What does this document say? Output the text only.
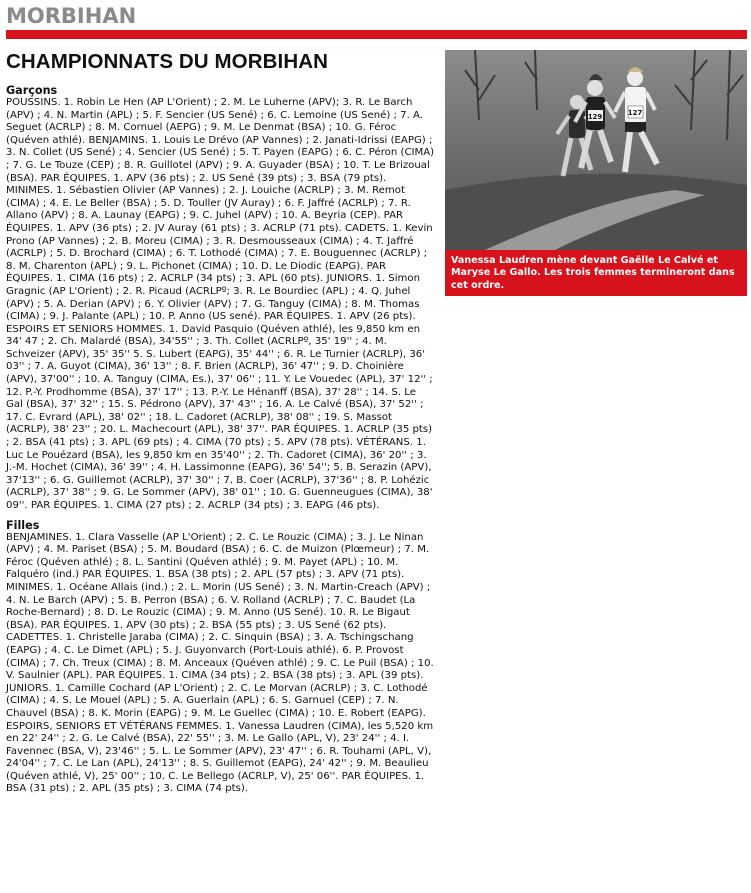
MORBIHAN
CHAMPIONNATS DU MORBIHAN

Garçons

POUSSINS. 1. Robin Le Hen (AP L'Orient) ; 2. M. Le Luherne (APV); 3. R. Le Barch (APV) ; 4. N. Martin (APL) ; 5. F. Sencier (US Sené) ; 6. C. Lemoine (US Sené) ; 7. A. Seguet (ACRLP) ; 8. M. Cornuel (AEPG) ; 9. M. Le Denmat (BSA) ; 10. G. Féroc (Quéven athlé). BENJAMINS. 1. Louis Le Drévo (AP Vannes) ; 2. Janati-Idrissi (EAPG) ; 3. N. Collet (US Sené) ; 4. Sencier (US Sené) ; 5. T. Payen (EAPG) ; 6. C. Péron (CIMA) ; 7. G. Le Touze (CEP) ; 8. R. Guillotel (APV) ; 9. A. Guyader (BSA) ; 10. T. Le Brizoual (BSA). PAR ÉQUIPES. 1. APV (36 pts) ; 2. US Sené (39 pts) ; 3. BSA (79 pts). MINIMES. 1. Sébastien Olivier (AP Vannes) ; 2. J. Louiche (ACRLP) ; 3. M. Remot (CIMA) ; 4. E. Le Beller (BSA) ; 5. D. Touller (JV Auray) ; 6. F. Jaffré (ACRLP) ; 7. R. Allano (APV) ; 8. A. Launay (EAPG) ; 9. C. Juhel (APV) ; 10. A. Beyria (CEP). PAR ÉQUIPES. 1. APV (36 pts) ; 2. JV Auray (61 pts) ; 3. ACRLP (71 pts). CADETS. 1. Kevin Prono (AP Vannes) ; 2. B. Moreu (CIMA) ; 3. R. Desmousseaux (CIMA) ; 4. T. Jaffré (ACRLP) ; 5. D. Brochard (CIMA) ; 6. T. Lothodé (CIMA) ; 7. E. Bouguennec (ACRLP) ; 8. M. Charenton (APL) ; 9. L. Pichonet (CIMA) ; 10. D. Le Diodic (EAPG). PAR ÉQUIPES. 1. CIMA (16 pts) ; 2. ACRLP (34 pts) ; 3. APL (60 pts). JUNIORS. 1. Simon Gragnic (AP L'Orient) ; 2. R. Picaud (ACRLPº; 3. R. Le Bourdiec (APL) ; 4. Q. Juhel (APV) ; 5. A. Derian (APV) ; 6. Y. Olivier (APV) ; 7. G. Tanguy (CIMA) ; 8. M. Thomas (CIMA) ; 9. J. Palante (APL) ; 10. P. Anno (US sené). PAR ÉQUIPES. 1. APV (26 pts). ESPOIRS ET SENIORS HOMMES. 1. David Pasquio (Quéven athlé), les 9,850 km en 34' 47 ; 2. Ch. Malardé (BSA), 34'55'' ; 3. Th. Collet (ACRLPº, 35' 19'' ; 4. M. Schveizer (APV), 35' 35'' 5. S. Lubert (EAPG), 35' 44'' ; 6. R. Le Turnier (ACRLP), 36' 03'' ; 7. A. Guyot (CIMA), 36' 13'' ; 8. F. Brien (ACRLP), 36' 47'' ; 9. D. Choinière (APV), 37'00'' ; 10. A. Tanguy (CIMA, Es.), 37' 06'' ; 11. Y. Le Vouedec (APL), 37' 12'' ; 12. P.-Y. Prodhomme (BSA), 37' 17'' ; 13. P.-Y. Le Hénanff (BSA), 37' 28'' ; 14. S. Le Gal (BSA), 37' 32'' ; 15. S. Pédrono (APV), 37' 43'' ; 16. A. Le Calvé (BSA), 37' 52'' ; 17. C. Evrard (APL), 38' 02'' ; 18. L. Cadoret (ACRLP), 38' 08'' ; 19. S. Massot (ACRLP), 38' 23'' ; 20. L. Machecourt (APL), 38' 37''. PAR ÉQUIPES. 1. ACRLP (35 pts) ; 2. BSA (41 pts) ; 3. APL (69 pts) ; 4. CIMA (70 pts) ; 5. APV (78 pts). VÉTÉRANS. 1. Luc Le Pouézard (BSA), les 9,850 km en 35'40'' ; 2. Th. Cadoret (CIMA), 36' 20'' ; 3. J.-M. Hochet (CIMA), 36' 39'' ; 4. H. Lassimonne (EAPG), 36' 54''; 5. B. Serazin (APV), 37'13'' ; 6. G. Guillemot (ACRLP), 37' 30'' ; 7. B. Coer (ACRLP), 37'36'' ; 8. P. Lohézic (ACRLP), 37' 38'' ; 9. G. Le Sommer (APV), 38' 01'' ; 10. G. Guenneugues (CIMA), 38' 09''. PAR ÉQUIPES. 1. CIMA (27 pts) ; 2. ACRLP (34 pts) ; 3. EAPG (46 pts).

Filles

BENJAMINES. 1. Clara Vasselle (AP L'Orient) ; 2. C. Le Rouzic (CIMA) ; 3. J. Le Ninan (APV) ; 4. M. Pariset (BSA) ; 5. M. Boudard (BSA) ; 6. C. de Muizon (Plœmeur) ; 7. M. Féroc (Quéven athlé) ; 8. L. Santini (Quéven athlé) ; 9. M. Payet (APL) ; 10. M. Falquéro (ind.) PAR ÉQUIPES. 1. BSA (38 pts) ; 2. APL (57 pts) ; 3. APV (71 pts). MINIMES. 1. Océane Allais (ind.) ; 2. L. Morin (US Sené) ; 3. N. Martin-Creach (APV) ; 4. N. Le Barch (APV) ; 5. B. Perron (BSA) ; 6. V. Rolland (ACRLP) ; 7. C. Baudet (La Roche-Bernard) ; 8. D. Le Rouzic (CIMA) ; 9. M. Anno (US Sené). 10. R. Le Bigaut (BSA). PAR ÉQUIPES. 1. APV (30 pts) ; 2. BSA (55 pts) ; 3. US Sené (62 pts). CADETTES. 1. Christelle Jaraba (CIMA) ; 2. C. Sinquin (BSA) ; 3. A. Tschingschang (EAPG) ; 4. C. Le Dimet (APL) ; 5. J. Guyonvarch (Port-Louis athlé). 6. P. Provost (CIMA) ; 7. Ch. Treux (CIMA) ; 8. M. Anceaux (Quéven athlé) ; 9. C. Le Puil (BSA) ; 10. V. Saulnier (APL). PAR ÉQUIPES. 1. CIMA (34 pts) ; 2. BSA (38 pts) ; 3. APL (39 pts). JUNIORS. 1. Camille Cochard (AP L'Orient) ; 2. C. Le Morvan (ACRLP) ; 3. C. Lothodé (CIMA) ; 4. S. Le Mouel (APL) ; 5. A. Guerlain (APL) ; 6. S. Garnuel (CEP) ; 7. N. Chauvel (BSA) ; 8. K. Morin (EAPG) ; 9. M. Le Guellec (CIMA) ; 10. E. Robert (EAPG). ESPOIRS, SENIORS ET VÉTÉRANS FEMMES. 1. Vanessa Laudren (CIMA), les 5,520 km en 22' 24'' ; 2. G. Le Calvé (BSA), 22' 55'' ; 3. M. Le Gallo (APL, V), 23' 24'' ; 4. I. Favennec (BSA, V), 23'46'' ; 5. L. Le Sommer (APV), 23' 47'' ; 6. R. Touhami (APL, V), 24'04'' ; 7. C. Le Lan (APL), 24'13'' ; 8. S. Guillemot (EAPG), 24' 42'' ; 9. M. Beaulieu (Quéven athlé, V), 25' 00'' ; 10. C. Le Bellego (ACRLP, V), 25' 06''. PAR ÉQUIPES. 1. BSA (31 pts) ; 2. APL (35 pts) ; 3. CIMA (74 pts).

129	127
Vanessa Laudren mène devant Gaëlle Le Calvé et Maryse Le Gallo. Les trois femmes termineront dans cet ordre.
